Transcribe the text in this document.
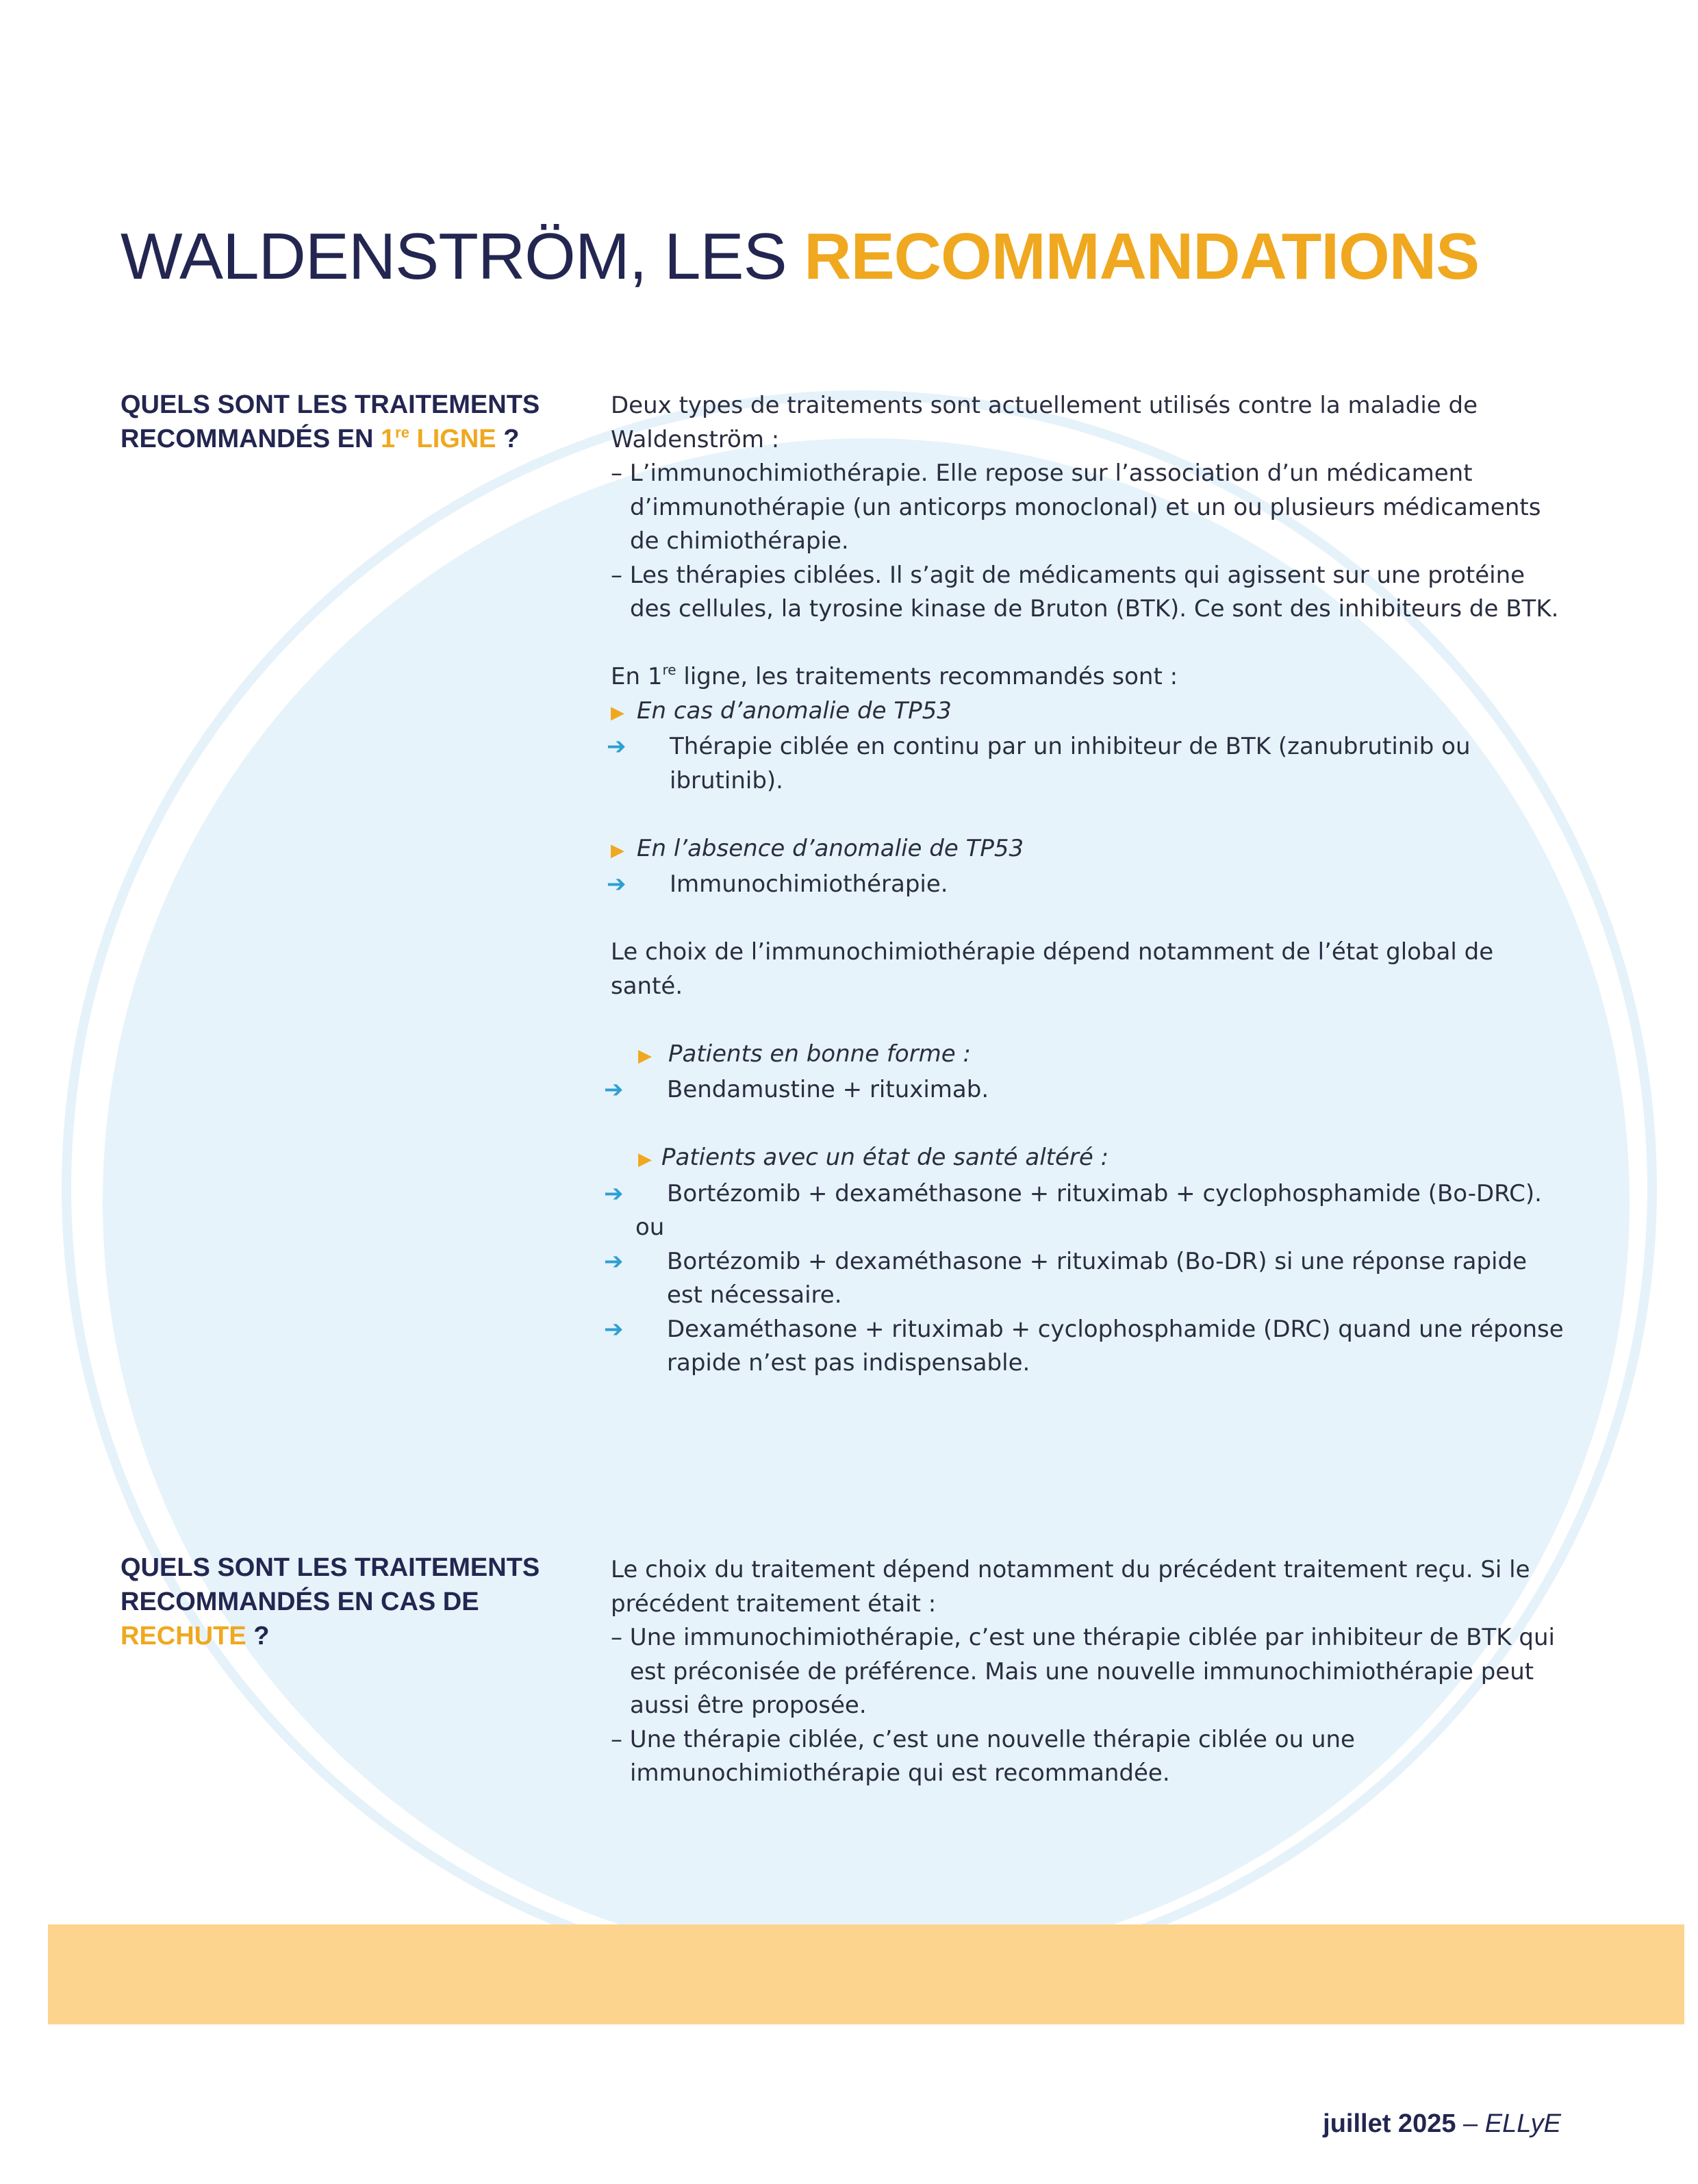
WALDENSTRÖM, LES RECOMMANDATIONS
QUELS SONT LES TRAITEMENTS
RECOMMANDÉS EN 1re LIGNE ?

Deux types de traitements sont actuellement utilisés contre la maladie de Waldenström :

– L’immunochimiothérapie. Elle repose sur l’association d’un médicament d’immunothérapie (un anticorps monoclonal) et un ou plusieurs médicaments de chimiothérapie.

– Les thérapies ciblées. Il s’agit de médicaments qui agissent sur une protéine des cellules, la tyrosine kinase de Bruton (BTK). Ce sont des inhibiteurs de BTK.

En 1re ligne, les traitements recommandés sont :

▶ En cas d’anomalie de TP53

➔ Thérapie ciblée en continu par un inhibiteur de BTK (zanubrutinib ou ibrutinib).

▶ En l’absence d’anomalie de TP53

➔ Immunochimiothérapie.

Le choix de l’immunochimiothérapie dépend notamment de l’état global de santé.

▶ Patients en bonne forme :

➔ Bendamustine + rituximab.

▶ Patients avec un état de santé altéré :

➔ Bortézomib + dexaméthasone + rituximab + cyclophosphamide (Bo-DRC).

ou

➔ Bortézomib + dexaméthasone + rituximab (Bo-DR) si une réponse rapide est nécessaire.

➔ Dexaméthasone + rituximab + cyclophosphamide (DRC) quand une réponse rapide n’est pas indispensable.

QUELS SONT LES TRAITEMENTS
RECOMMANDÉS EN CAS DE
RECHUTE ?

Le choix du traitement dépend notamment du précédent traitement reçu. Si le précédent traitement était :

– Une immunochimiothérapie, c’est une thérapie ciblée par inhibiteur de BTK qui est préconisée de préférence. Mais une nouvelle immunochimiothérapie peut aussi être proposée.

– Une thérapie ciblée, c’est une nouvelle thérapie ciblée ou une immunochimiothérapie qui est recommandée.

juillet 2025 – ELLyE
